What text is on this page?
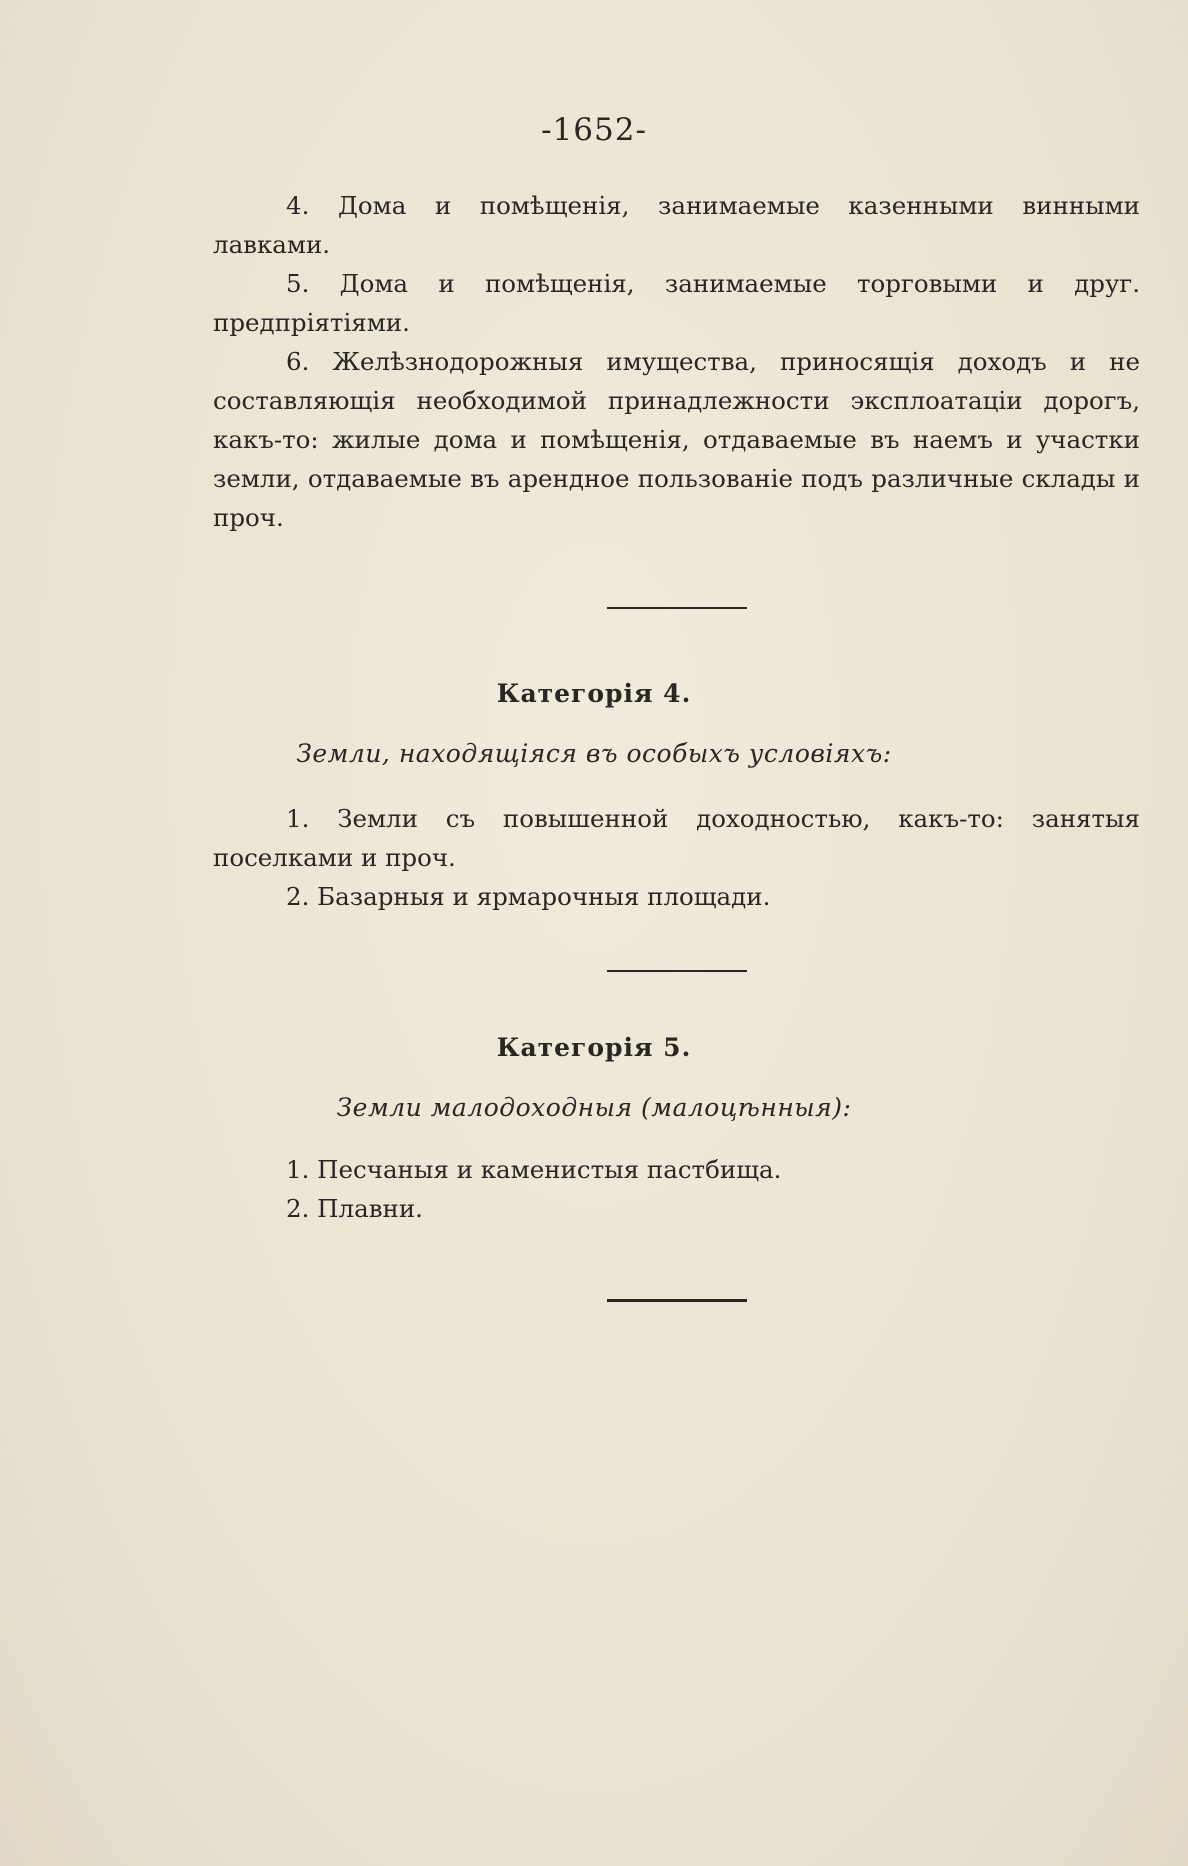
-1652-

4. Дома и помѣщенія, занимаемые казенными винными лавками.

5. Дома и помѣщенія, занимаемые торговыми и друг. предпріятіями.

6. Желѣзнодорожныя имущества, приносящія доходъ и не составляющія необходимой принадлежности эксплоатаціи дорогъ, какъ-то: жилые дома и помѣщенія, отдаваемые въ наемъ и участки земли, отдаваемые въ арендное пользованіе подъ различные склады и проч.

Категорія 4.
Земли, находящіяся въ особыхъ условіяхъ:

1. Земли съ повышенной доходностью, какъ-то: занятыя поселками и проч.

2. Базарныя и ярмарочныя площади.

Категорія 5.
Земли малодоходныя (малоцѣнныя):

1. Песчаныя и каменистыя пастбища.

2. Плавни.
